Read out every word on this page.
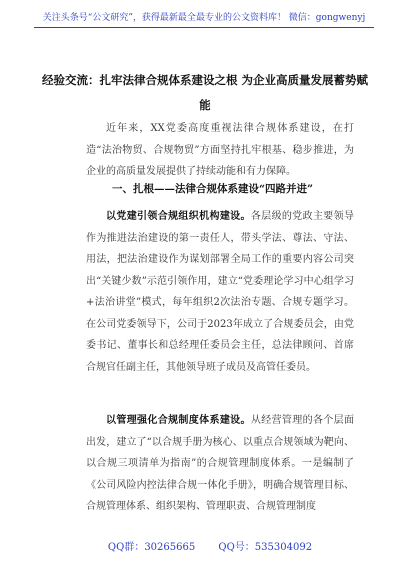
关注头条号“公文研究”，获得最新最全最专业的公文资料库！ 微信：gongwenyj
经验交流：扎牢法律合规体系建设之根 为企业高质量发展蓄势赋能
近年来，XX党委高度重视法律合规体系建设，在打造“法治物贸、合规物贸”方面坚持扎牢根基、稳步推进，为企业的高质量发展提供了持续动能和有力保障。
一、扎根——法律合规体系建设“四路并进”
以党建引领合规组织机构建设。各层级的党政主要领导作为推进法治建设的第一责任人，带头学法、尊法、守法、用法，把法治建设作为谋划部署全局工作的重要内容公司突出“关键少数”示范引领作用，建立“党委理论学习中心组学习+法治讲堂”模式，每年组织2次法治专题、合规专题学习。在公司党委领导下，公司于2023年成立了合规委员会，由党委书记、董事长和总经理任委员会主任，总法律顾问、首席合规官任副主任，其他领导班子成员及高管任委员。
以管理强化合规制度体系建设。从经营管理的各个层面出发，建立了“以合规手册为核心、以重点合规领域为靶向、以合规三项清单为指南”的合规管理制度体系。一是编制了《公司风险内控法律合规一体化手册》，明确合规管理目标、合规管理体系、组织架构、管理职责、合规管理制度
QQ群：30265665 QQ号：535304092
